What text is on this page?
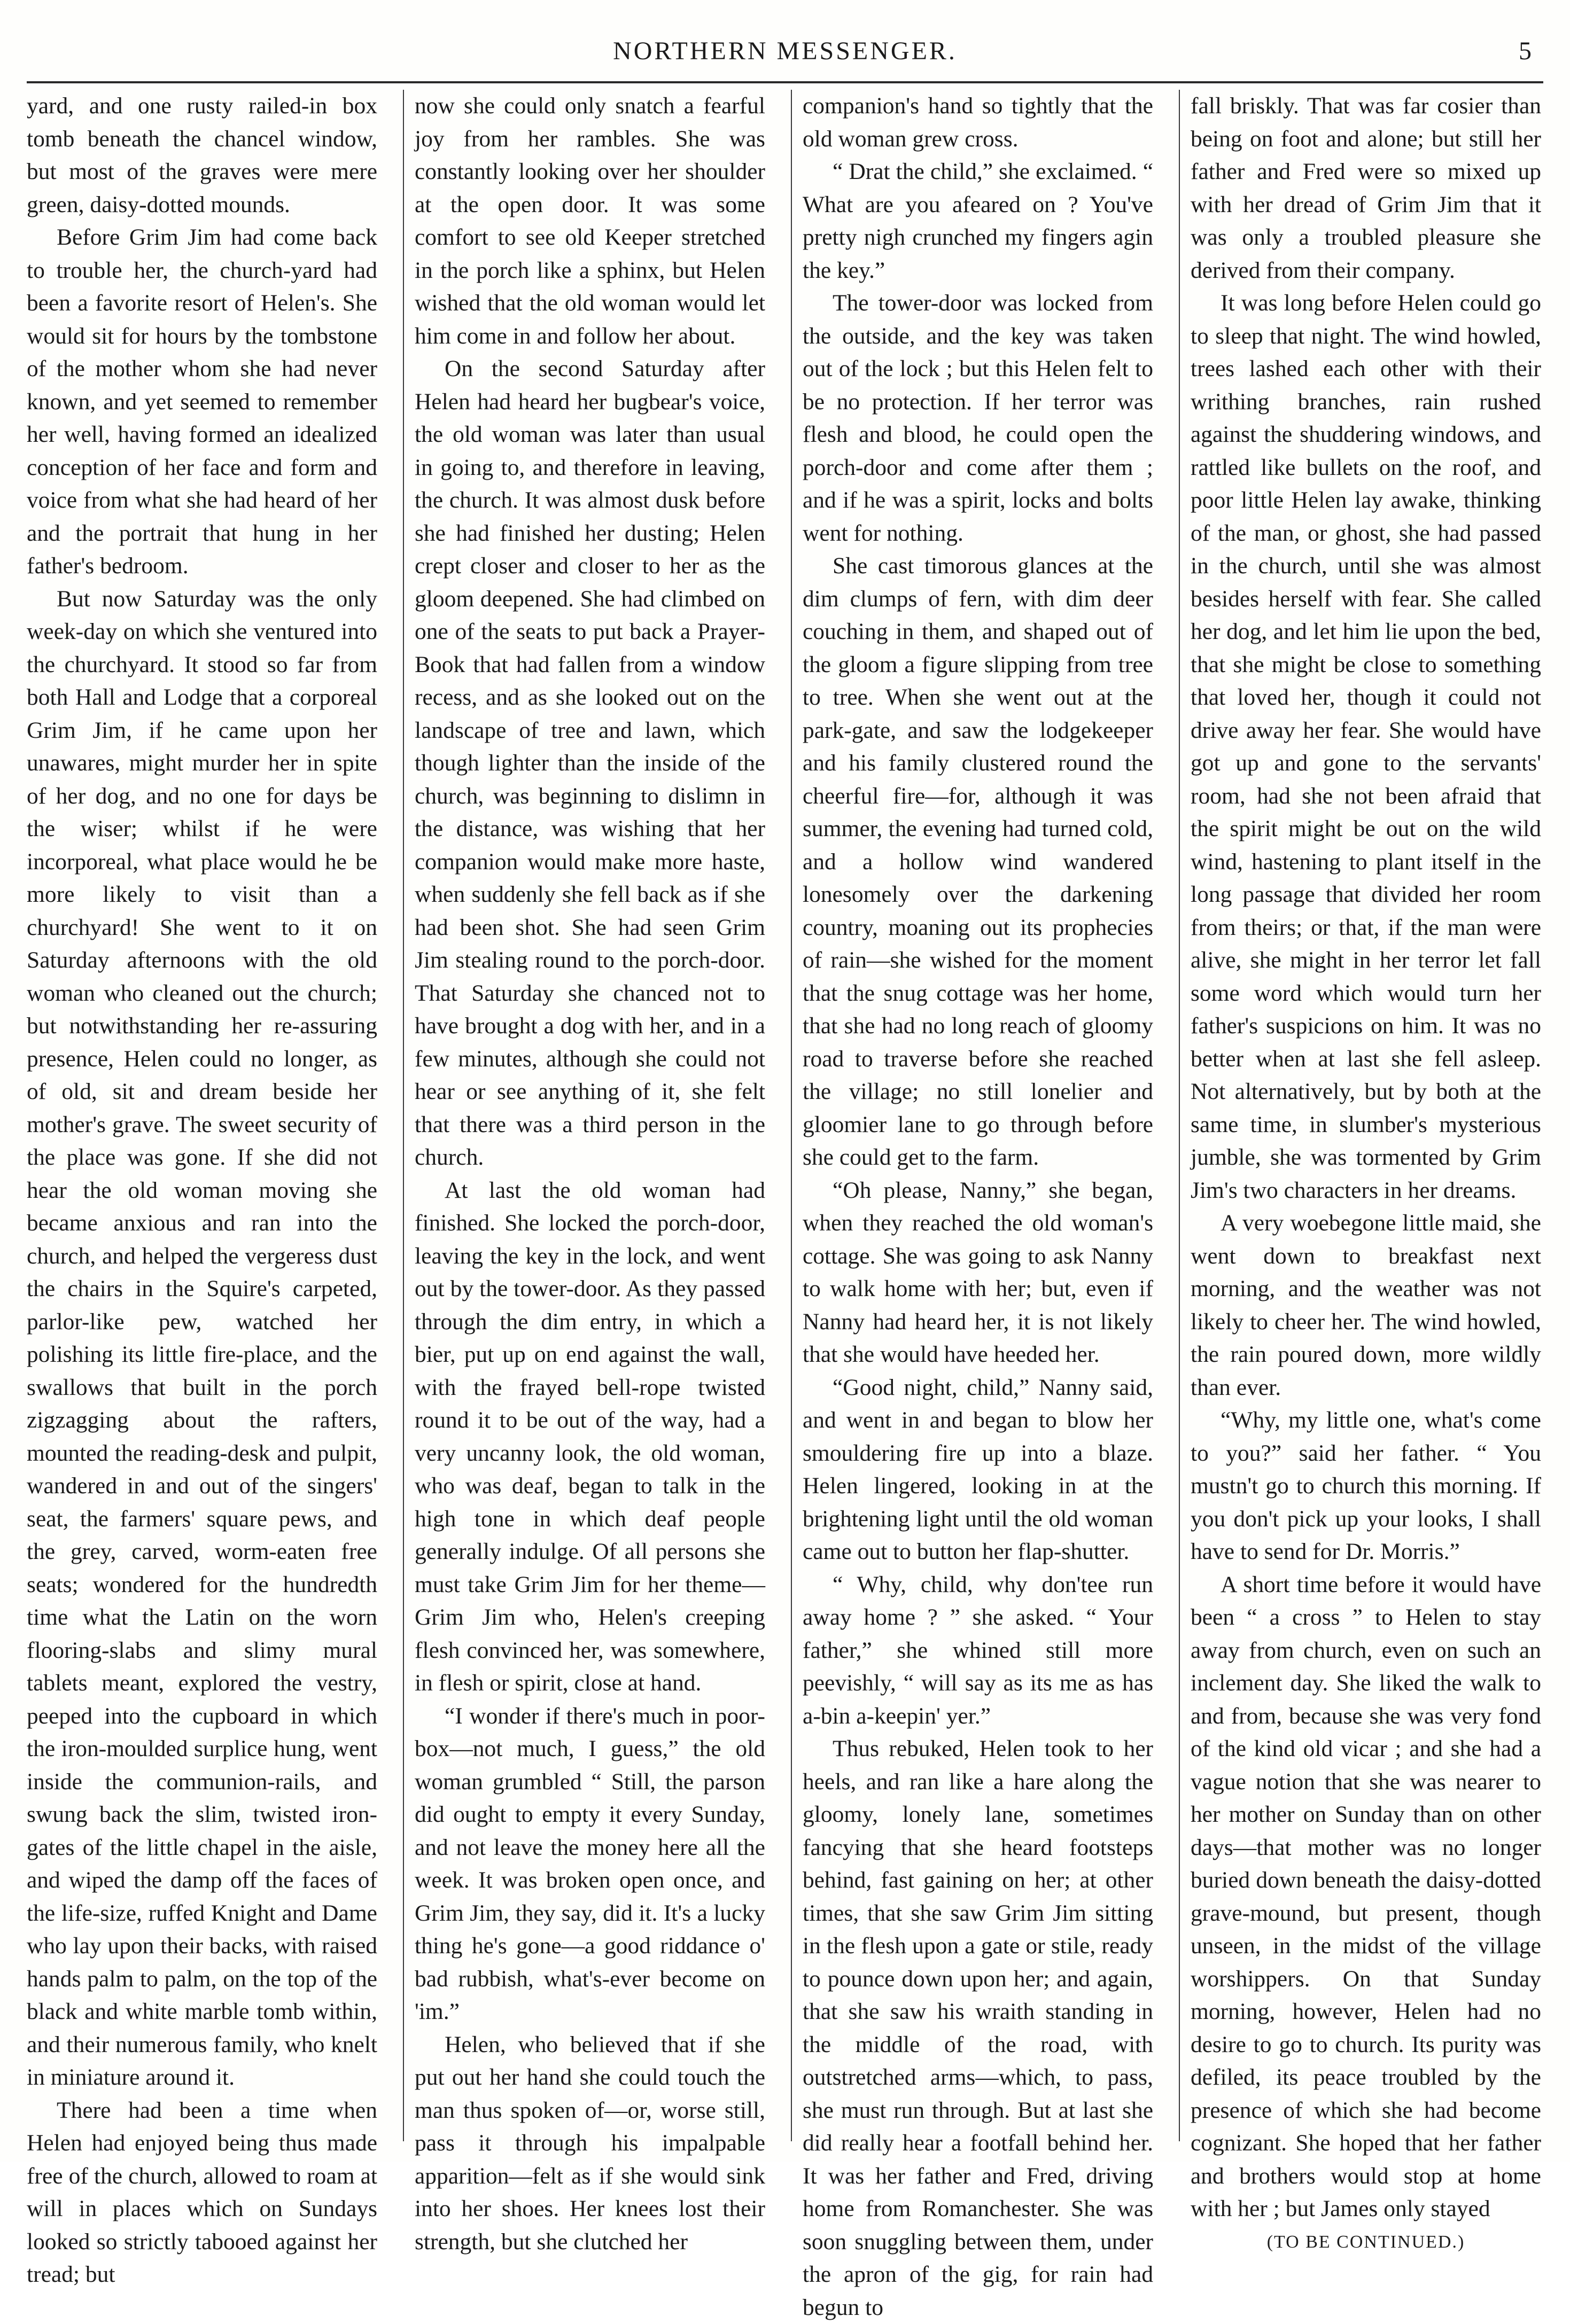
NORTHERN MESSENGER.	5

yard, and one rusty railed-in box tomb beneath the chancel window, but most of the graves were mere green, daisy-dotted mounds.

Before Grim Jim had come back to trouble her, the church-yard had been a favorite resort of Helen's. She would sit for hours by the tombstone of the mother whom she had never known, and yet seemed to remember her well, having formed an idealized conception of her face and form and voice from what she had heard of her and the portrait that hung in her father's bedroom.

But now Saturday was the only week-day on which she ventured into the churchyard. It stood so far from both Hall and Lodge that a corporeal Grim Jim, if he came upon her unawares, might murder her in spite of her dog, and no one for days be the wiser; whilst if he were incorporeal, what place would he be more likely to visit than a churchyard! She went to it on Saturday afternoons with the old woman who cleaned out the church; but notwithstanding her re-assuring presence, Helen could no longer, as of old, sit and dream beside her mother's grave. The sweet security of the place was gone. If she did not hear the old woman moving she became anxious and ran into the church, and helped the vergeress dust the chairs in the Squire's carpeted, parlor-like pew, watched her polishing its little fire-place, and the swallows that built in the porch zigzagging about the rafters, mounted the reading-desk and pulpit, wandered in and out of the singers' seat, the farmers' square pews, and the grey, carved, worm-eaten free seats; wondered for the hundredth time what the Latin on the worn flooring-slabs and slimy mural tablets meant, explored the vestry, peeped into the cupboard in which the iron-moulded surplice hung, went inside the communion-rails, and swung back the slim, twisted iron-gates of the little chapel in the aisle, and wiped the damp off the faces of the life-size, ruffed Knight and Dame who lay upon their backs, with raised hands palm to palm, on the top of the black and white marble tomb within, and their numerous family, who knelt in miniature around it.

There had been a time when Helen had enjoyed being thus made free of the church, allowed to roam at will in places which on Sundays looked so strictly tabooed against her tread; but

now she could only snatch a fearful joy from her rambles. She was constantly looking over her shoulder at the open door. It was some comfort to see old Keeper stretched in the porch like a sphinx, but Helen wished that the old woman would let him come in and follow her about.

On the second Saturday after Helen had heard her bugbear's voice, the old woman was later than usual in going to, and therefore in leaving, the church. It was almost dusk before she had finished her dusting; Helen crept closer and closer to her as the gloom deepened. She had climbed on one of the seats to put back a Prayer-Book that had fallen from a window recess, and as she looked out on the landscape of tree and lawn, which though lighter than the inside of the church, was beginning to dislimn in the distance, was wishing that her companion would make more haste, when suddenly she fell back as if she had been shot. She had seen Grim Jim stealing round to the porch-door. That Saturday she chanced not to have brought a dog with her, and in a few minutes, although she could not hear or see anything of it, she felt that there was a third person in the church.

At last the old woman had finished. She locked the porch-door, leaving the key in the lock, and went out by the tower-door. As they passed through the dim entry, in which a bier, put up on end against the wall, with the frayed bell-rope twisted round it to be out of the way, had a very uncanny look, the old woman, who was deaf, began to talk in the high tone in which deaf people generally indulge. Of all persons she must take Grim Jim for her theme—Grim Jim who, Helen's creeping flesh convinced her, was somewhere, in flesh or spirit, close at hand.

“I wonder if there's much in poor-box—not much, I guess,” the old woman grumbled “ Still, the parson did ought to empty it every Sunday, and not leave the money here all the week. It was broken open once, and Grim Jim, they say, did it. It's a lucky thing he's gone—a good riddance o' bad rubbish, what's-ever become on 'im.”

Helen, who believed that if she put out her hand she could touch the man thus spoken of—or, worse still, pass it through his impalpable apparition—felt as if she would sink into her shoes. Her knees lost their strength, but she clutched her

companion's hand so tightly that the old woman grew cross.

“ Drat the child,” she exclaimed. “ What are you afeared on ? You've pretty nigh crunched my fingers agin the key.”

The tower-door was locked from the outside, and the key was taken out of the lock ; but this Helen felt to be no protection. If her terror was flesh and blood, he could open the porch-door and come after them ; and if he was a spirit, locks and bolts went for nothing.

She cast timorous glances at the dim clumps of fern, with dim deer couching in them, and shaped out of the gloom a figure slipping from tree to tree. When she went out at the park-gate, and saw the lodgekeeper and his family clustered round the cheerful fire—for, although it was summer, the evening had turned cold, and a hollow wind wandered lonesomely over the darkening country, moaning out its prophecies of rain—she wished for the moment that the snug cottage was her home, that she had no long reach of gloomy road to traverse before she reached the village; no still lonelier and gloomier lane to go through before she could get to the farm.

“Oh please, Nanny,” she began, when they reached the old woman's cottage. She was going to ask Nanny to walk home with her; but, even if Nanny had heard her, it is not likely that she would have heeded her.

“Good night, child,” Nanny said, and went in and began to blow her smouldering fire up into a blaze. Helen lingered, looking in at the brightening light until the old woman came out to button her flap-shutter.

“ Why, child, why don'tee run away home ? ” she asked. “ Your father,” she whined still more peevishly, “ will say as its me as has a-bin a-keepin' yer.”

Thus rebuked, Helen took to her heels, and ran like a hare along the gloomy, lonely lane, sometimes fancying that she heard footsteps behind, fast gaining on her; at other times, that she saw Grim Jim sitting in the flesh upon a gate or stile, ready to pounce down upon her; and again, that she saw his wraith standing in the middle of the road, with outstretched arms—which, to pass, she must run through. But at last she did really hear a footfall behind her. It was her father and Fred, driving home from Romanchester. She was soon snuggling between them, under the apron of the gig, for rain had begun to

fall briskly. That was far cosier than being on foot and alone; but still her father and Fred were so mixed up with her dread of Grim Jim that it was only a troubled pleasure she derived from their company.

It was long before Helen could go to sleep that night. The wind howled, trees lashed each other with their writhing branches, rain rushed against the shuddering windows, and rattled like bullets on the roof, and poor little Helen lay awake, thinking of the man, or ghost, she had passed in the church, until she was almost besides herself with fear. She called her dog, and let him lie upon the bed, that she might be close to something that loved her, though it could not drive away her fear. She would have got up and gone to the servants' room, had she not been afraid that the spirit might be out on the wild wind, hastening to plant itself in the long passage that divided her room from theirs; or that, if the man were alive, she might in her terror let fall some word which would turn her father's suspicions on him. It was no better when at last she fell asleep. Not alternatively, but by both at the same time, in slumber's mysterious jumble, she was tormented by Grim Jim's two characters in her dreams.

A very woebegone little maid, she went down to breakfast next morning, and the weather was not likely to cheer her. The wind howled, the rain poured down, more wildly than ever.

“Why, my little one, what's come to you?” said her father. “ You mustn't go to church this morning. If you don't pick up your looks, I shall have to send for Dr. Morris.”

A short time before it would have been “ a cross ” to Helen to stay away from church, even on such an inclement day. She liked the walk to and from, because she was very fond of the kind old vicar ; and she had a vague notion that she was nearer to her mother on Sunday than on other days—that mother was no longer buried down beneath the daisy-dotted grave-mound, but present, though unseen, in the midst of the village worshippers. On that Sunday morning, however, Helen had no desire to go to church. Its purity was defiled, its peace troubled by the presence of which she had become cognizant. She hoped that her father and brothers would stop at home with her ; but James only stayed

(TO BE CONTINUED.)
